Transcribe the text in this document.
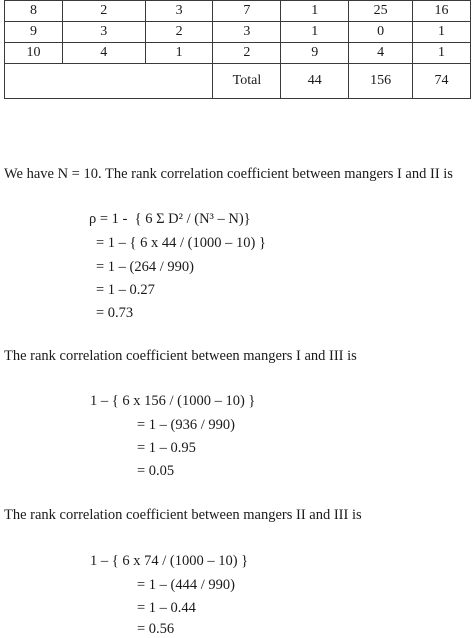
8	2	3	7	1	25	16
9	3	2	3	1	0	1
10	4	1	2	9	4	1
			Total	44	156	74

We have N = 10. The rank correlation coefficient between mangers I and II is

ρ = 1 -  { 6 Σ D² / (N³ – N)}

= 1 – { 6 x 44 / (1000 – 10) }

= 1 – (264 / 990)

= 1 – 0.27

= 0.73

The rank correlation coefficient between mangers I and III is

1 – { 6 x 156 / (1000 – 10) }

= 1 – (936 / 990)

= 1 – 0.95

= 0.05

The rank correlation coefficient between mangers II and III is

1 – { 6 x 74 / (1000 – 10) }

= 1 – (444 / 990)

= 1 – 0.44

= 0.56
